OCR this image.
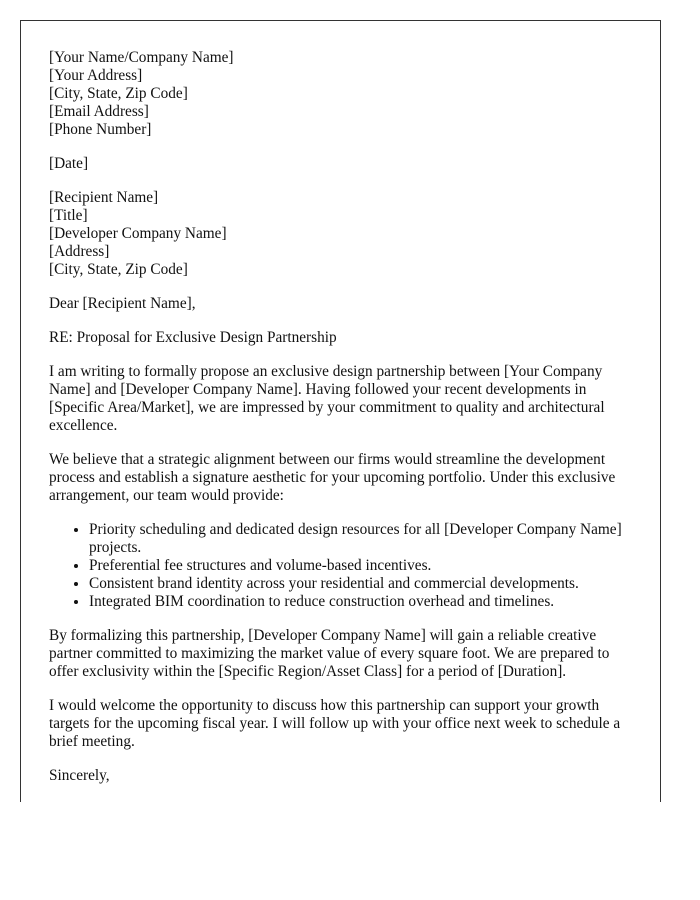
[Your Name/Company Name]
[Your Address]
[City, State, Zip Code]
[Email Address]
[Phone Number]

[Date]

[Recipient Name]
[Title]
[Developer Company Name]
[Address]
[City, State, Zip Code]

Dear [Recipient Name],

RE: Proposal for Exclusive Design Partnership

I am writing to formally propose an exclusive design partnership between [Your Company Name] and [Developer Company Name]. Having followed your recent developments in [Specific Area/Market], we are impressed by your commitment to quality and architectural excellence.

We believe that a strategic alignment between our firms would streamline the development process and establish a signature aesthetic for your upcoming portfolio. Under this exclusive arrangement, our team would provide:

• Priority scheduling and dedicated design resources for all [Developer Company Name] projects.
• Preferential fee structures and volume-based incentives.
• Consistent brand identity across your residential and commercial developments.
• Integrated BIM coordination to reduce construction overhead and timelines.

By formalizing this partnership, [Developer Company Name] will gain a reliable creative partner committed to maximizing the market value of every square foot. We are prepared to offer exclusivity within the [Specific Region/Asset Class] for a period of [Duration].

I would welcome the opportunity to discuss how this partnership can support your growth targets for the upcoming fiscal year. I will follow up with your office next week to schedule a brief meeting.

Sincerely,
